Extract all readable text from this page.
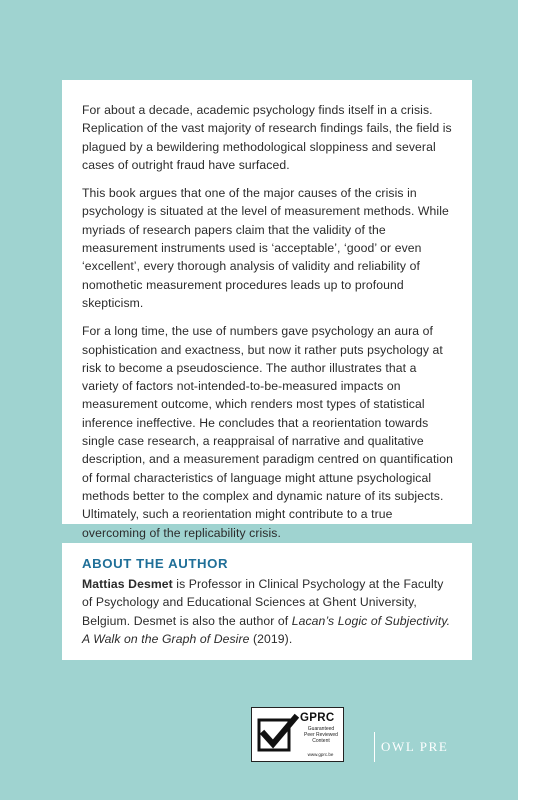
For about a decade, academic psychology finds itself in a crisis. Replication of the vast majority of research findings fails, the field is plagued by a bewildering methodological sloppiness and several cases of outright fraud have surfaced.

This book argues that one of the major causes of the crisis in psychology is situated at the level of measurement methods. While myriads of research papers claim that the validity of the measurement instruments used is ‘acceptable’, ‘good’ or even ‘excellent’, every thorough analysis of validity and reliability of nomothetic measurement procedures leads up to profound skepticism.

For a long time, the use of numbers gave psychology an aura of sophistication and exactness, but now it rather puts psychology at risk to become a pseudoscience. The author illustrates that a variety of factors not-intended-to-be-measured impacts on measurement outcome, which renders most types of statistical inference ineffective. He concludes that a reorientation towards single case research, a reappraisal of narrative and qualitative description, and a measurement paradigm centred on quantification of formal characteristics of language might attune psychological methods better to the complex and dynamic nature of its subjects. Ultimately, such a reorientation might contribute to a true overcoming of the replicability crisis.

ABOUT THE AUTHOR

Mattias Desmet is Professor in Clinical Psychology at the Faculty of Psychology and Educational Sciences at Ghent University, Belgium. Desmet is also the author of Lacan’s Logic of Subjectivity. A Walk on the Graph of Desire (2019).

GPRC
Guaranteed
Peer Reviewed
Content
www.gprc.be
OWL PRE
